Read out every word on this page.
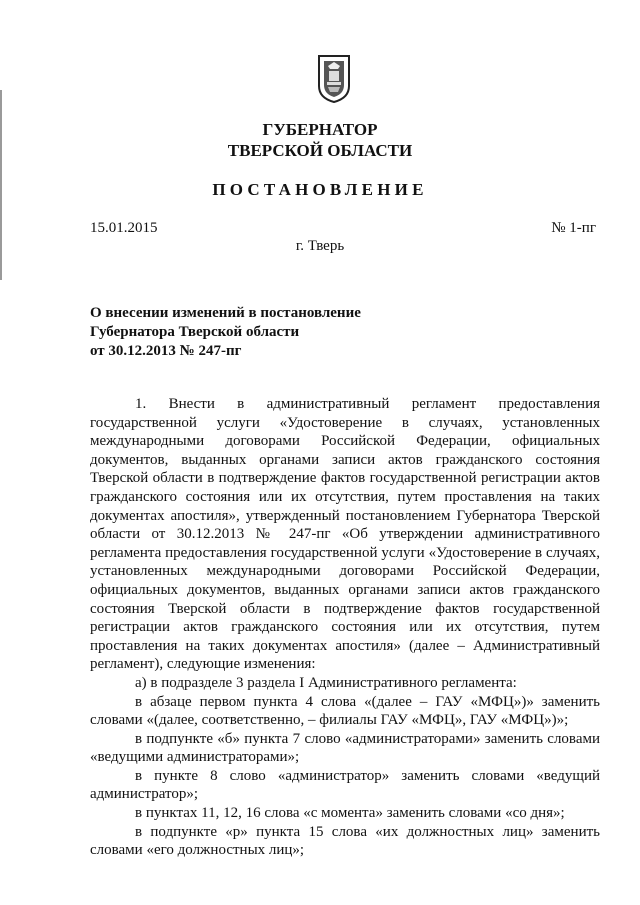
ГУБЕРНАТОР
ТВЕРСКОЙ ОБЛАСТИ
ПОСТАНОВЛЕНИЕ
15.01.2015	№ 1-пг
г. Тверь
О внесении изменений в постановление
Губернатора Тверской области
от 30.12.2013 № 247-пг

1. Внести в административный регламент предоставления государственной услуги «Удостоверение в случаях, установленных международными договорами Российской Федерации, официальных документов, выданных органами записи актов гражданского состояния Тверской области в подтверждение фактов государственной регистрации актов гражданского состояния или их отсутствия, путем проставления на таких документах апостиля», утвержденный постановлением Губернатора Тверской области от 30.12.2013 № 247-пг «Об утверждении административного регламента предоставления государственной услуги «Удостоверение в случаях, установленных международными договорами Российской Федерации, официальных документов, выданных органами записи актов гражданского состояния Тверской области в подтверждение фактов государственной регистрации актов гражданского состояния или их отсутствия, путем проставления на таких документах апостиля» (далее – Административный регламент), следующие изменения:

а) в подразделе 3 раздела I Административного регламента:

в абзаце первом пункта 4 слова «(далее – ГАУ «МФЦ»)» заменить словами «(далее, соответственно, – филиалы ГАУ «МФЦ», ГАУ «МФЦ»)»;

в подпункте «б» пункта 7 слово «администраторами» заменить словами «ведущими администраторами»;

в пункте 8 слово «администратор» заменить словами «ведущий администратор»;

в пунктах 11, 12, 16 слова «с момента» заменить словами «со дня»;

в подпункте «р» пункта 15 слова «их должностных лиц» заменить словами «его должностных лиц»;
